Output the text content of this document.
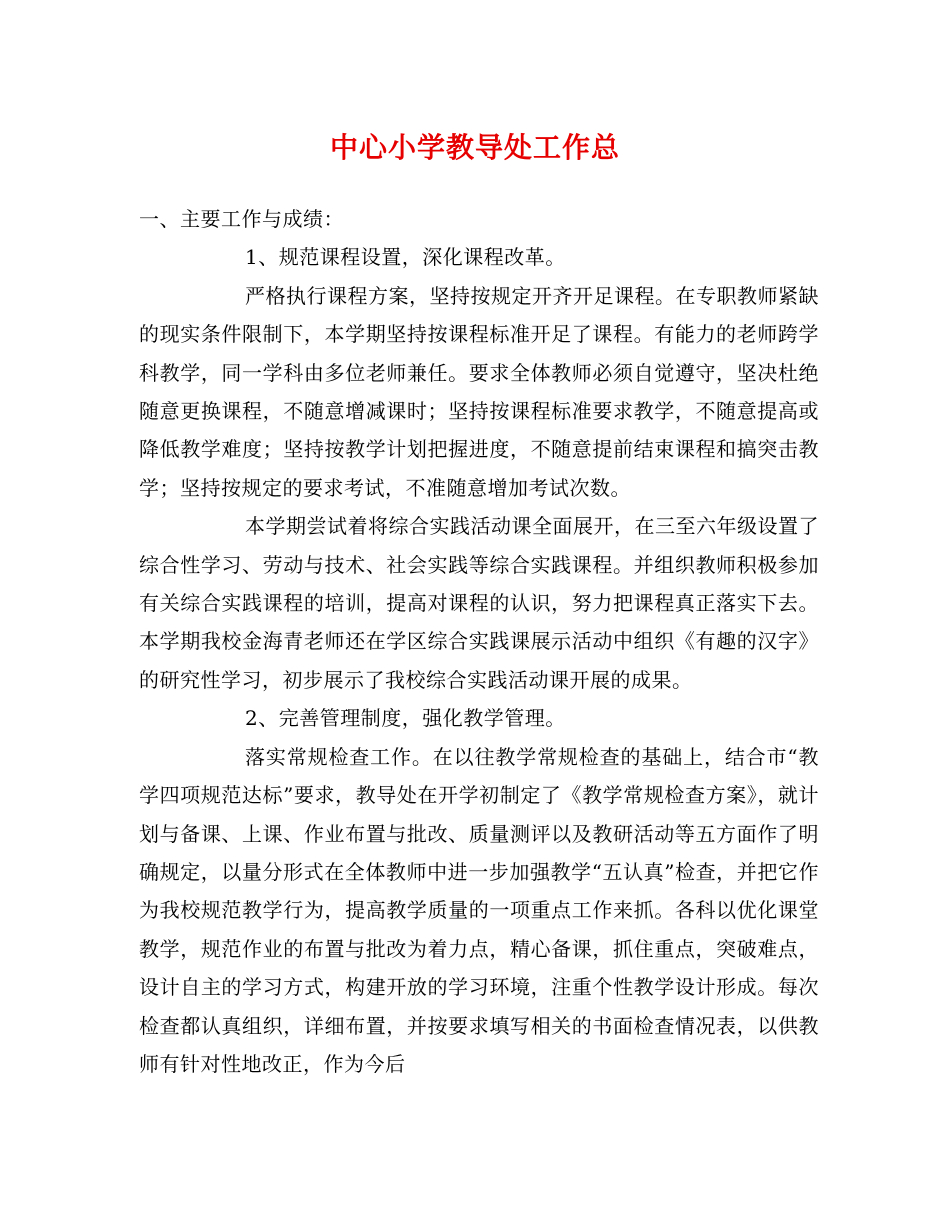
中心小学教导处工作总

一、主要工作与成绩：

1、规范课程设置，深化课程改革。

严格执行课程方案，坚持按规定开齐开足课程。在专职教师紧缺的现实条件限制下，本学期坚持按课程标准开足了课程。有能力的老师跨学科教学，同一学科由多位老师兼任。要求全体教师必须自觉遵守，坚决杜绝随意更换课程，不随意增减课时；坚持按课程标准要求教学，不随意提高或降低教学难度；坚持按教学计划把握进度，不随意提前结束课程和搞突击教学；坚持按规定的要求考试，不准随意增加考试次数。

本学期尝试着将综合实践活动课全面展开，在三至六年级设置了综合性学习、劳动与技术、社会实践等综合实践课程。并组织教师积极参加有关综合实践课程的培训，提高对课程的认识，努力把课程真正落实下去。本学期我校金海青老师还在学区综合实践课展示活动中组织《有趣的汉字》的研究性学习，初步展示了我校综合实践活动课开展的成果。

2、完善管理制度，强化教学管理。

落实常规检查工作。在以往教学常规检查的基础上，结合市“教学四项规范达标”要求，教导处在开学初制定了《教学常规检查方案》，就计划与备课、上课、作业布置与批改、质量测评以及教研活动等五方面作了明确规定，以量分形式在全体教师中进一步加强教学“五认真”检查，并把它作为我校规范教学行为，提高教学质量的一项重点工作来抓。各科以优化课堂教学，规范作业的布置与批改为着力点，精心备课，抓住重点，突破难点，设计自主的学习方式，构建开放的学习环境，注重个性教学设计形成。每次检查都认真组织，详细布置，并按要求填写相关的书面检查情况表，以供教师有针对性地改正，作为今后
